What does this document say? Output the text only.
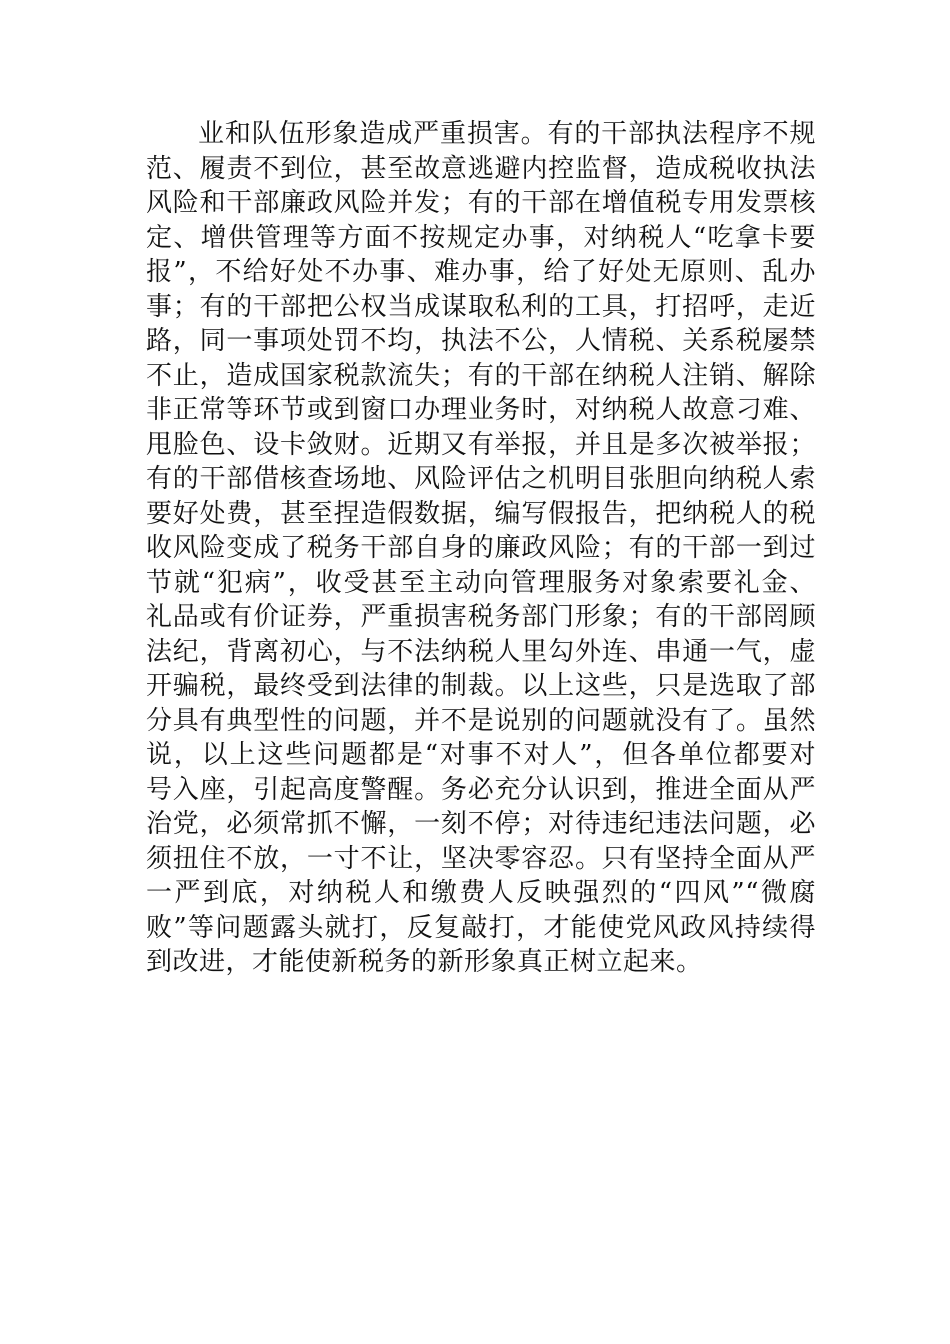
业和队伍形象造成严重损害。有的干部执法程序不规
范、履责不到位，甚至故意逃避内控监督，造成税收执法
风险和干部廉政风险并发；有的干部在增值税专用发票核
定、增供管理等方面不按规定办事，对纳税人“吃拿卡要
报”，不给好处不办事、难办事，给了好处无原则、乱办
事；有的干部把公权当成谋取私利的工具，打招呼，走近
路，同一事项处罚不均，执法不公，人情税、关系税屡禁
不止，造成国家税款流失；有的干部在纳税人注销、解除
非正常等环节或到窗口办理业务时，对纳税人故意刁难、
甩脸色、设卡敛财。近期又有举报，并且是多次被举报；
有的干部借核查场地、风险评估之机明目张胆向纳税人索
要好处费，甚至捏造假数据，编写假报告，把纳税人的税
收风险变成了税务干部自身的廉政风险；有的干部一到过
节就“犯病”，收受甚至主动向管理服务对象索要礼金、
礼品或有价证券，严重损害税务部门形象；有的干部罔顾
法纪，背离初心，与不法纳税人里勾外连、串通一气，虚
开骗税，最终受到法律的制裁。以上这些，只是选取了部
分具有典型性的问题，并不是说别的问题就没有了。虽然
说，以上这些问题都是“对事不对人”，但各单位都要对
号入座，引起高度警醒。务必充分认识到，推进全面从严
治党，必须常抓不懈，一刻不停；对待违纪违法问题，必
须扭住不放，一寸不让，坚决零容忍。只有坚持全面从严
一严到底，对纳税人和缴费人反映强烈的“四风”“微腐
败”等问题露头就打，反复敲打，才能使党风政风持续得
到改进，才能使新税务的新形象真正树立起来。
